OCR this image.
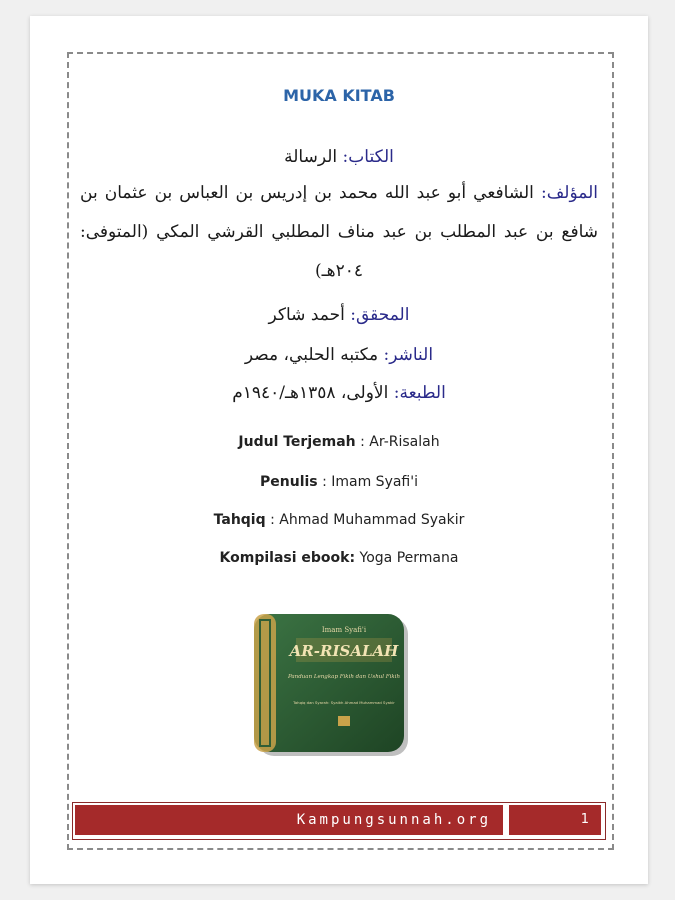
MUKA KITAB
الكتاب: الرسالة
المؤلف: الشافعي أبو عبد الله محمد بن إدريس بن العباس بن عثمان بن شافع بن عبد المطلب بن عبد مناف المطلبي القرشي المكي (المتوفى: ٢٠٤هـ)
المحقق: أحمد شاكر
الناشر: مكتبه الحلبي، مصر
الطبعة: الأولى، ١٣٥٨هـ/١٩٤٠م
Judul Terjemah : Ar-Risalah
Penulis : Imam Syafi'i
Tahqiq : Ahmad Muhammad Syakir
Kompilasi ebook: Yoga Permana
Imam Syafi'i
AR-RISALAH
Panduan Lengkap Fikih dan Ushul Fikih
Tahqiq dan Syarah: Syaikh Ahmad Muhammad Syakir
Kampungsunnah.org	1
